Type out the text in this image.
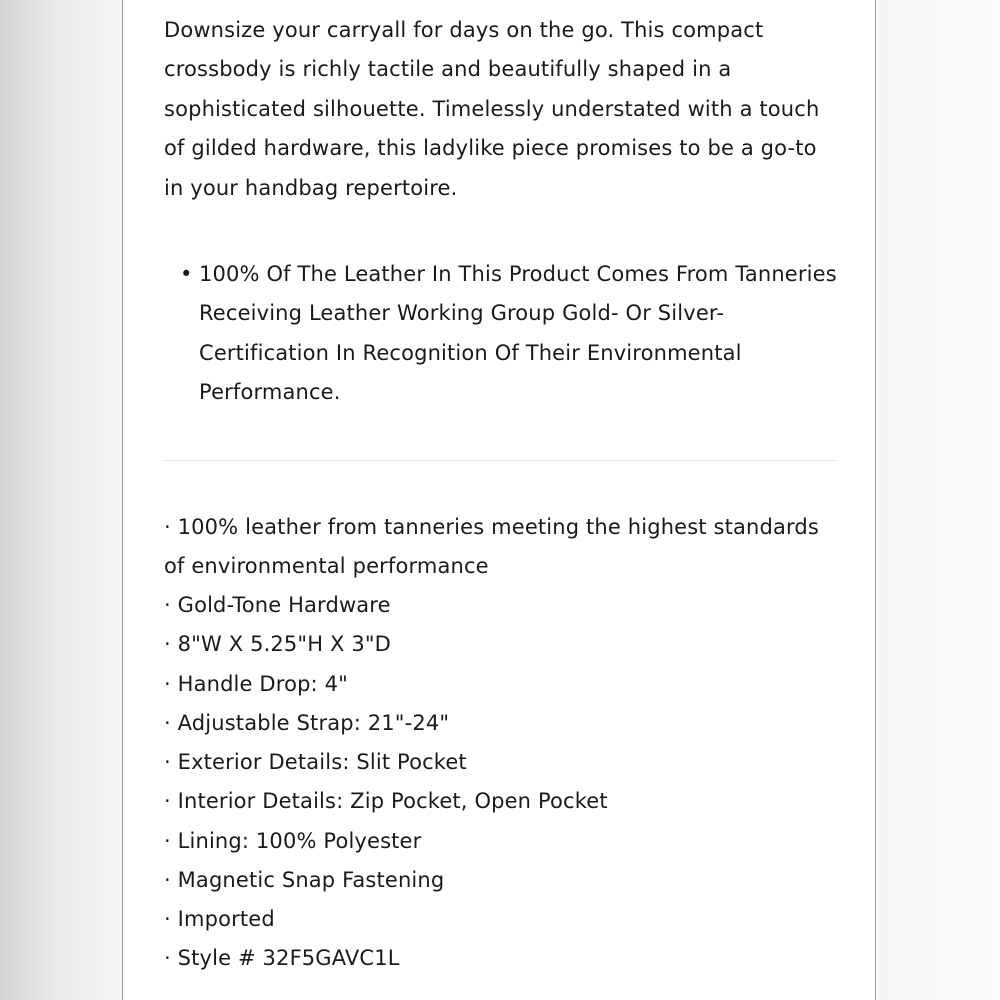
Downsize your carryall for days on the go. This compact crossbody is richly tactile and beautifully shaped in a sophisticated silhouette. Timelessly understated with a touch of gilded hardware, this ladylike piece promises to be a go-to in your handbag repertoire.

• 100% Of The Leather In This Product Comes From Tanneries Receiving Leather Working Group Gold- Or Silver-Certification In Recognition Of Their Environmental Performance.
· 100% leather from tanneries meeting the highest standards of environmental performance
· Gold-Tone Hardware
· 8"W X 5.25"H X 3"D
· Handle Drop: 4"
· Adjustable Strap: 21"-24"
· Exterior Details: Slit Pocket
· Interior Details: Zip Pocket, Open Pocket
· Lining: 100% Polyester
· Magnetic Snap Fastening
· Imported
· Style # 32F5GAVC1L
